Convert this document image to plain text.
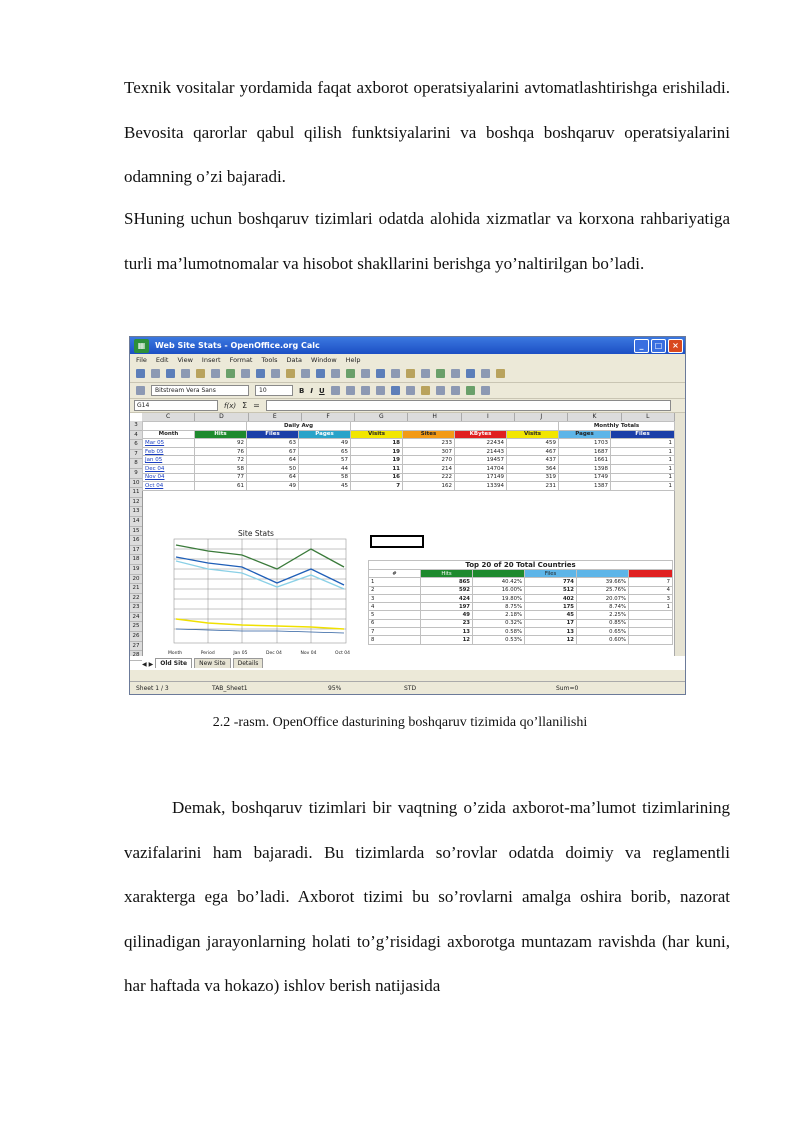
Texnik vositalar yordamida faqat axborot operatsiyalarini avtomatlashtirishga erishiladi. Bevosita qarorlar qabul qilish funktsiyalarini va boshqa boshqaruv operatsiyalarini odamning o’zi bajaradi.

SHuning uchun boshqaruv tizimlari odatda alohida xizmatlar va korxona rahbariyatiga turli ma’lumotnomalar va hisobot shakllarini berishga yo’naltirilgan bo’ladi.

▦	Web Site Stats - OpenOffice.org Calc	_	□	×
File Edit View Insert Format Tools Data Window Help
Bitstream Vera Sans	10	B I U
G14	f(x) Σ =
C	D	E	F	G	H	I	J	K	L
3
4
6
7
8
9
10
11
12
13
14
15
16
17
18
19
20
21
22
23
24
25
26
27
28
		Daily Avg						Monthly Totals	
Month	Hits	Files	Pages	Visits	Sites	KBytes	Visits	Pages	Files
Mar 05	92	63	49	18	233	22434	459	1703	1
Feb 05	76	67	65	19	307	21443	467	1687	1
Jan 05	72	64	57	19	270	19457	437	1661	1
Dec 04	58	50	44	11	214	14704	364	1398	1
Nov 04	77	64	58	16	222	17149	319	1749	1
Oct 04	61	49	45	7	162	13394	231	1387	1
Site Stats
Month	Period	Jan 05	Dec 04	Nov 04	Oct 04
Top 20 of 20 Total Countries					
#	Hits		Files		
1	865	40.42%	774	39.66%	7
2	592	16.00%	512	25.76%	4
3	424	19.80%	402	20.07%	3
4	197	8.75%	175	8.74%	1
5	49	2.18%	45	2.25%	
6	23	0.32%	17	0.85%	
7	13	0.58%	13	0.65%	
8	12	0.53%	12	0.60%	
◀ ▶	Old Site	New Site	Details
Sheet 1 / 3	TAB_Sheet1	95%	STD	Sum=0
2.2 -rasm. OpenOffice dasturining boshqaruv tizimida qo’llanilishi

Demak, boshqaruv tizimlari bir vaqtning o’zida axborot-ma’lumot tizimlarining vazifalarini ham bajaradi. Bu tizimlarda so’rovlar odatda doimiy va reglamentli xarakterga ega bo’ladi. Axborot tizimi bu so’rovlarni amalga oshira borib, nazorat qilinadigan jarayonlarning holati to’g’risidagi axborotga muntazam ravishda (har kuni, har haftada va hokazo) ishlov berish natijasida
